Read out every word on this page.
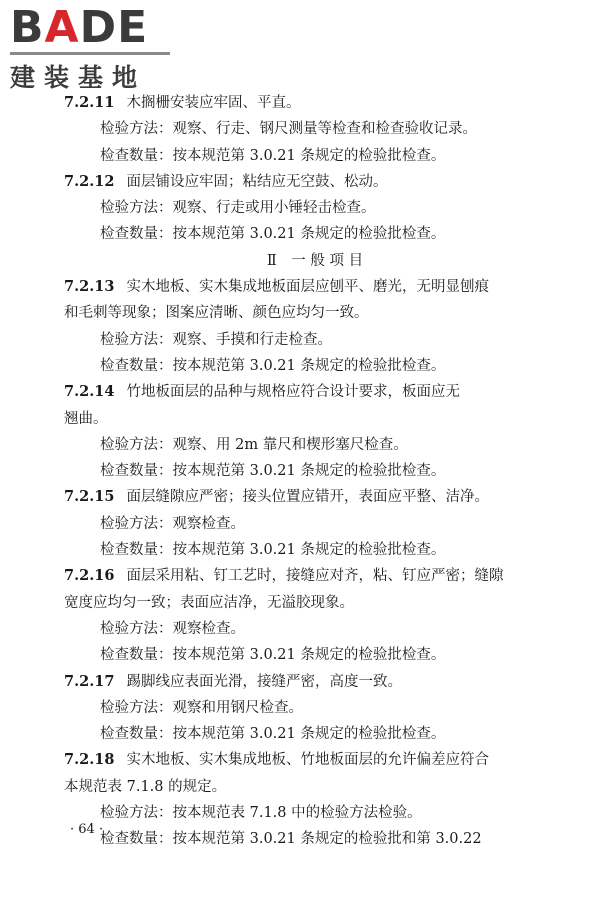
BADE
建装基地
7.2.11 木搁栅安装应牢固、平直。
检验方法：观察、行走、钢尺测量等检查和检查验收记录。
检查数量：按本规范第 3.0.21 条规定的检验批检查。
7.2.12 面层铺设应牢固；粘结应无空鼓、松动。
检验方法：观察、行走或用小锤轻击检查。
检查数量：按本规范第 3.0.21 条规定的检验批检查。
Ⅱ　一 般 项 目
7.2.13 实木地板、实木集成地板面层应刨平、磨光，无明显刨痕
和毛刺等现象；图案应清晰、颜色应均匀一致。
检验方法：观察、手摸和行走检查。
检查数量：按本规范第 3.0.21 条规定的检验批检查。
7.2.14 竹地板面层的品种与规格应符合设计要求，板面应无
翘曲。
检验方法：观察、用 2m 靠尺和楔形塞尺检查。
检查数量：按本规范第 3.0.21 条规定的检验批检查。
7.2.15 面层缝隙应严密；接头位置应错开，表面应平整、洁净。
检验方法：观察检查。
检查数量：按本规范第 3.0.21 条规定的检验批检查。
7.2.16 面层采用粘、钉工艺时，接缝应对齐，粘、钉应严密；缝隙
宽度应均匀一致；表面应洁净，无溢胶现象。
检验方法：观察检查。
检查数量：按本规范第 3.0.21 条规定的检验批检查。
7.2.17 踢脚线应表面光滑，接缝严密，高度一致。
检验方法：观察和用钢尺检查。
检查数量：按本规范第 3.0.21 条规定的检验批检查。
7.2.18 实木地板、实木集成地板、竹地板面层的允许偏差应符合
本规范表 7.1.8 的规定。
检验方法：按本规范表 7.1.8 中的检验方法检验。
检查数量：按本规范第 3.0.21 条规定的检验批和第 3.0.22
· 64 ·
